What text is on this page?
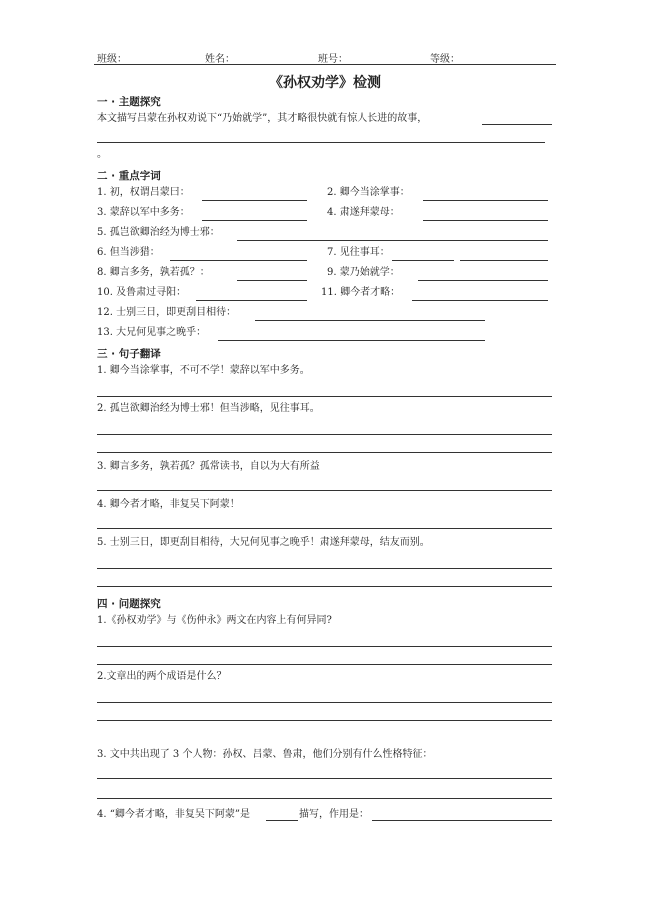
班级：	姓名：	班号：	等级：
《孙权劝学》检测
一 · 主题探究
本文描写吕蒙在孙权劝说下“乃始就学”，其才略很快就有惊人长进的故事，
。
二 · 重点字词
1. 初，权谓吕蒙曰：	2. 卿今当涂掌事：
3. 蒙辞以军中多务：	4. 肃遂拜蒙母：
5. 孤岂欲卿治经为博士邪：
6. 但当涉猎：	7. 见往事耳：
8. 卿言多务，孰若孤？：	9. 蒙乃始就学：
10. 及鲁肃过寻阳：	11. 卿今者才略：
12. 士别三日，即更刮目相待：
13. 大兄何见事之晚乎：
三 · 句子翻译
1. 卿今当涂掌事，不可不学！蒙辞以军中多务。
2. 孤岂欲卿治经为博士邪！但当涉略，见往事耳。
3. 卿言多务，孰若孤？孤常读书，自以为大有所益
4. 卿今者才略，非复吴下阿蒙！
5. 士别三日，即更刮目相待，大兄何见事之晚乎！肃遂拜蒙母，结友而别。
四 · 问题探究
1.《孙权劝学》与《伤仲永》两文在内容上有何异同?
2.文章出的两个成语是什么？
3. 文中共出现了 3 个人物：孙权、吕蒙、鲁肃，他们分别有什么性格特征：
4. “卿今者才略，非复吴下阿蒙”是	描写，作用是：
